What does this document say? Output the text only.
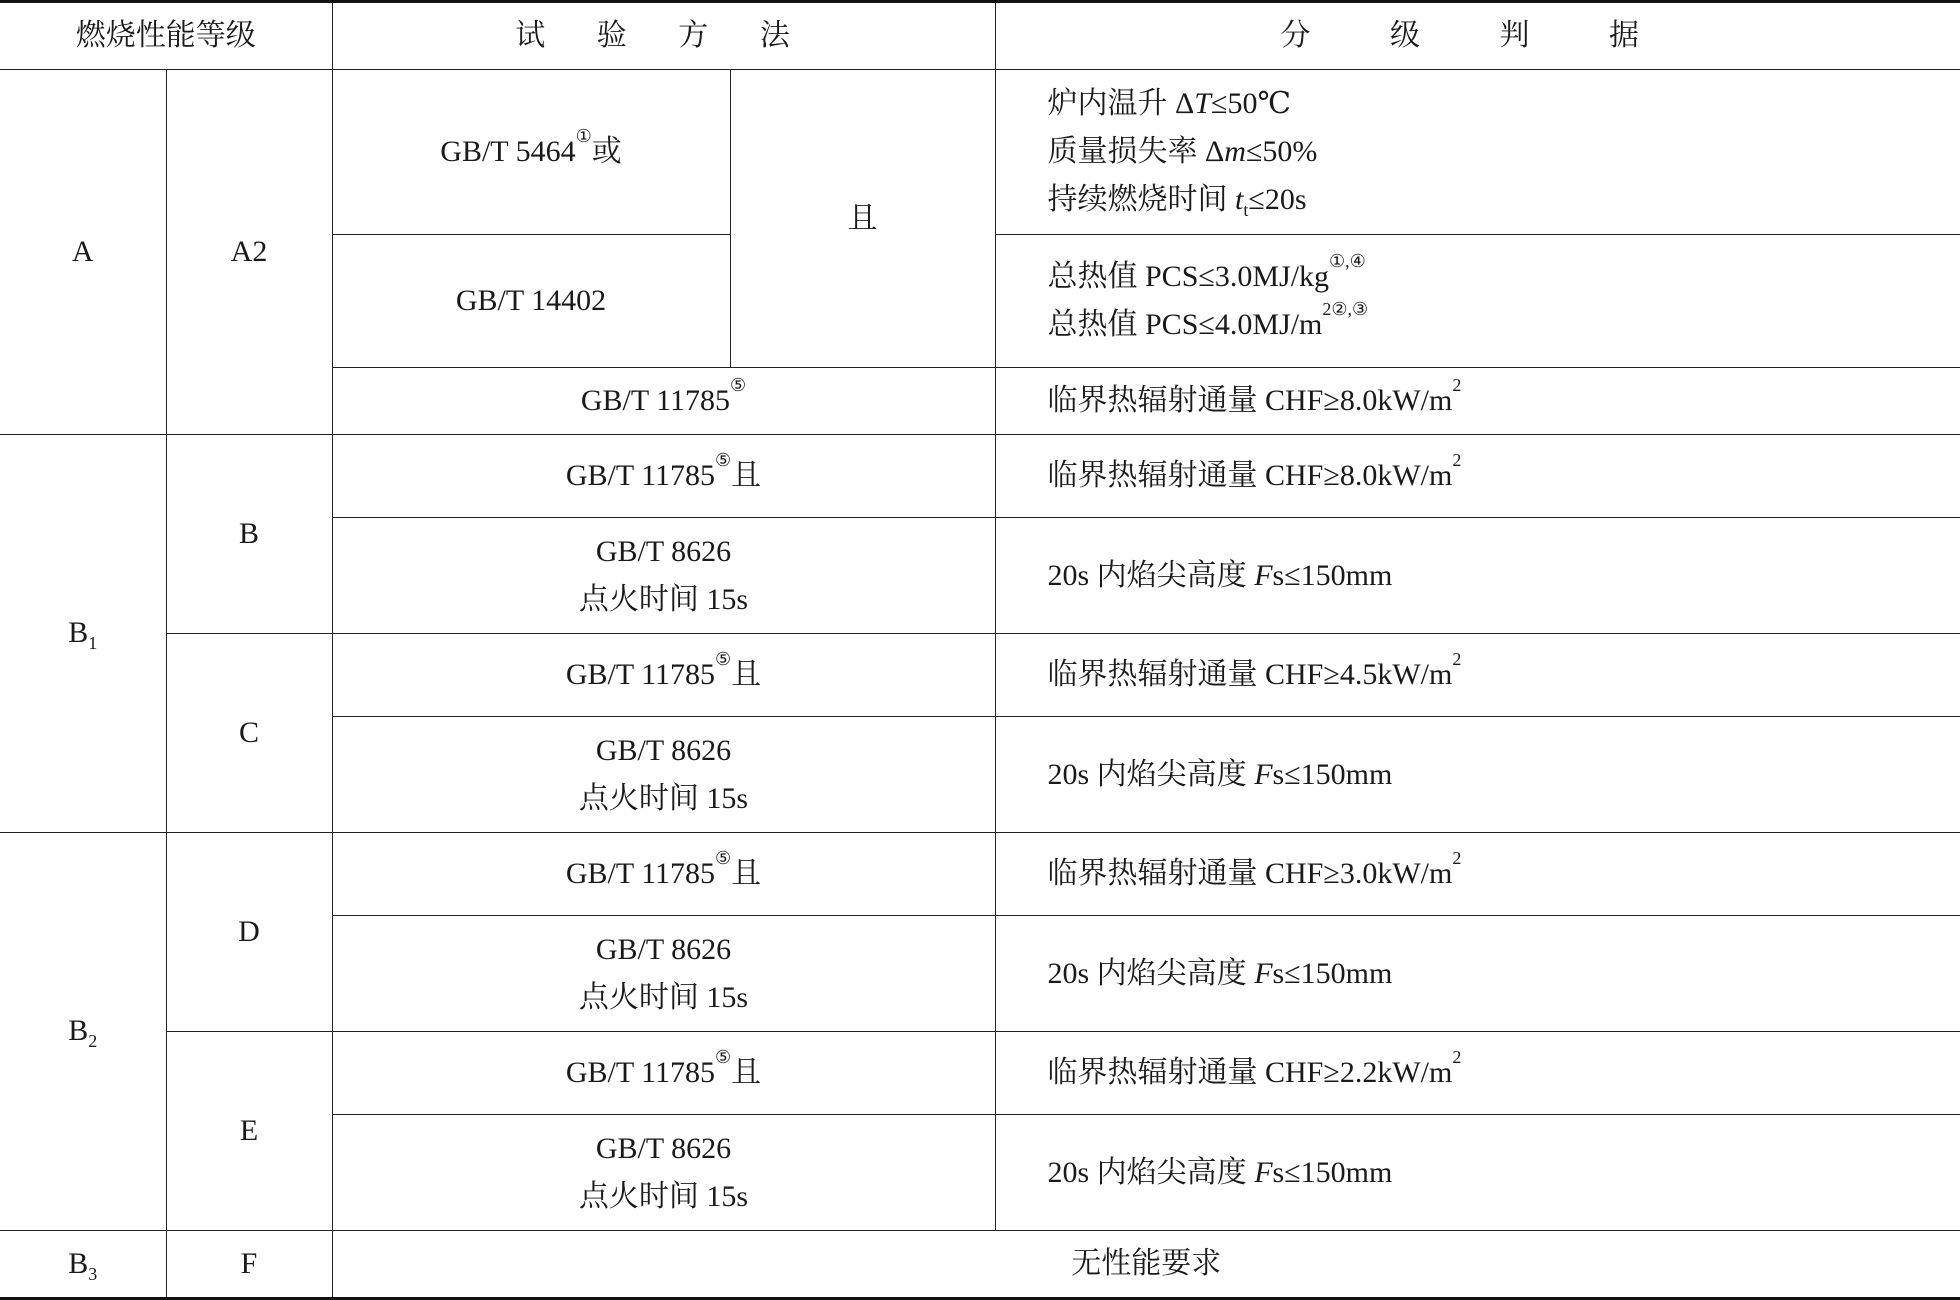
燃烧性能等级		试 验 方 法		分 级 判 据
A	A2	GB/T 5464①或	且	炉内温升 ΔT≤50℃
质量损失率 Δm≤50%
持续燃烧时间 $t_t\le 20s$

		GB/T 14402		总热值 PCS≤3.0MJ/kg①,④
总热值 $PCS\le 4.0MJ/m^{2②,③}$

		GB/T 11785⑤		临界热辐射通量 $CHF\ge 8.0kW/m^2$
$B_1$	B	GB/T 11785⑤且		临界热辐射通量 $CHF\ge 8.0kW/m^2$

		GB/T 8626
点火时间 15s		20s 内焰尖高度 Fs≤150mm
	C	GB/T 11785⑤且		临界热辐射通量 $CHF\ge 4.5kW/m^2$

		GB/T 8626
点火时间 15s		20s 内焰尖高度 Fs≤150mm
$B_2$	D	GB/T 11785⑤且		临界热辐射通量 $CHF\ge 3.0kW/m^2$

		GB/T 8626
点火时间 15s		20s 内焰尖高度 Fs≤150mm
	E	GB/T 11785⑤且		临界热辐射通量 $CHF\ge 2.2kW/m^2$

		GB/T 8626
点火时间 15s		20s 内焰尖高度 Fs≤150mm
$B_3$	F	无性能要求		
